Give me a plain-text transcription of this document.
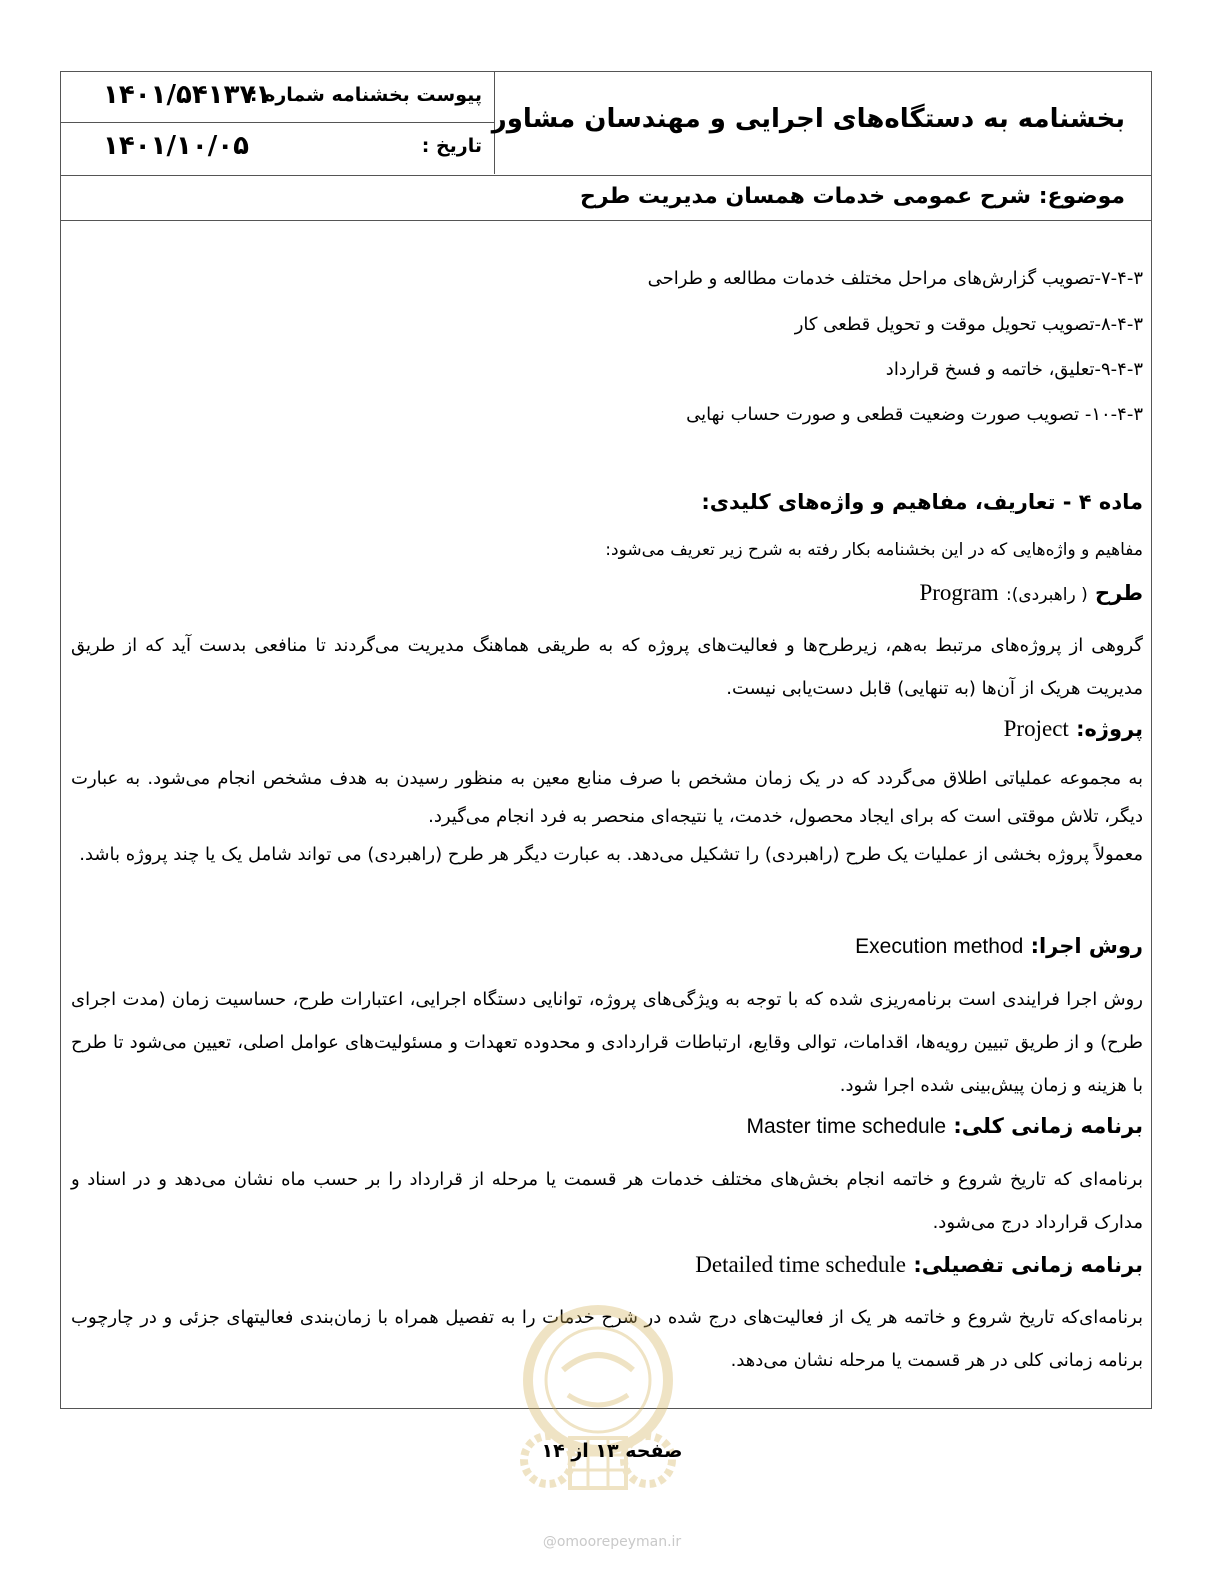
پیوست بخشنامه شماره :
۱۴۰۱/۵۴۱۳۷۱
تاریخ :
۱۴۰۱/۱۰/۰۵
بخشنامه به دستگاه‌های اجرایی و مهندسان مشاور
موضوع: شرح عمومی خدمات همسان مدیریت طرح
۷-۴-۳-تصویب گزارش‌های مراحل مختلف خدمات مطالعه و طراحی
۸-۴-۳-تصویب تحویل موقت و تحویل قطعی کار
۹-۴-۳-تعلیق، خاتمه و فسخ قرارداد
۱۰-۴-۳- تصویب صورت وضعیت قطعی و صورت حساب نهایی
ماده ۴ - تعاریف، مفاهیم و واژه‌های کلیدی:
مفاهیم و واژه‌هایی که در این بخشنامه بکار رفته به شرح زیر تعریف می‌شود:
طرح ( راهبردی): Program
گروهی از پروژه‌های مرتبط به‌هم، زیرطرح‌ها و فعالیت‌های پروژه که به طریقی هماهنگ مدیریت می‌گردند تا منافعی بدست آید که از طریق مدیریت هریک از آن‌ها (به تنهایی) قابل دست‌یابی نیست.
پروژه: Project
به مجموعه عملیاتی اطلاق می‌گردد که در یک زمان مشخص با صرف منابع معین به منظور رسیدن به هدف مشخص انجام می‌شود. به عبارت دیگر، تلاش موقتی است که برای ایجاد محصول، خدمت، یا نتیجه‌ای منحصر به فرد انجام می‌گیرد.
معمولاً پروژه بخشی از عملیات یک طرح (راهبردی) را تشکیل می‌دهد. به عبارت دیگر هر طرح (راهبردی) می تواند شامل یک یا چند پروژه باشد.
روش اجرا: Execution method
روش اجرا فرایندی است برنامه‌ریزی شده که با توجه به ویژگی‌های پروژه، توانایی دستگاه اجرایی، اعتبارات طرح، حساسیت زمان (مدت اجرای طرح) و از طریق تبیین رویه‌ها، اقدامات، توالی وقایع، ارتباطات قراردادی و محدوده تعهدات و مسئولیت‌های عوامل اصلی، تعیین می‌شود تا طرح با هزینه و زمان پیش‌بینی شده اجرا شود.
برنامه زمانی کلی: Master time schedule
برنامه‌ای که تاریخ شروع و خاتمه انجام بخش‌های مختلف خدمات هر قسمت یا مرحله از قرارداد را بر حسب ماه نشان می‌دهد و در اسناد و مدارک قرارداد درج می‌شود.
برنامه زمانی تفصیلی: Detailed time schedule
برنامه‌ای‌که تاریخ شروع و خاتمه هر یک از فعالیت‌های درج شده در شرح خدمات را به تفصیل همراه با زمان‌بندی فعالیتهای جزئی و در چارچوب برنامه زمانی کلی در هر قسمت یا مرحله نشان می‌دهد.
صفحه ۱۳ از ۱۴
@omoorepeyman.ir
